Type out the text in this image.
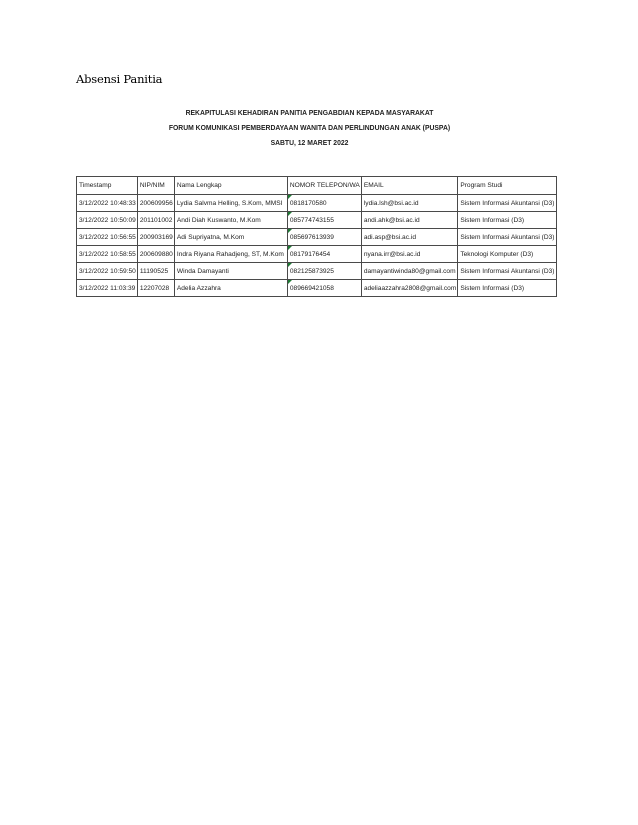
Absensi Panitia
REKAPITULASI KEHADIRAN PANITIA PENGABDIAN KEPADA MASYARAKAT
FORUM KOMUNIKASI PEMBERDAYAAN WANITA DAN PERLINDUNGAN ANAK (PUSPA)
SABTU, 12 MARET 2022
Timestamp	NIP/NIM	Nama Lengkap	NOMOR TELEPON/WA	EMAIL	Program Studi
3/12/2022 10:48:33	200609956	Lydia Salvma Helling, S.Kom, MMSI	0818170580	lydia.lsh@bsi.ac.id	Sistem Informasi Akuntansi (D3)
3/12/2022 10:50:09	201101002	Andi Diah Kuswanto, M.Kom	085774743155	andi.ahk@bsi.ac.id	Sistem Informasi (D3)
3/12/2022 10:56:55	200903169	Adi Supriyatna, M.Kom	085697613939	adi.asp@bsi.ac.id	Sistem Informasi Akuntansi (D3)
3/12/2022 10:58:55	200609880	Indra Riyana Rahadjeng, ST, M.Kom	08179176454	nyana.irr@bsi.ac.id	Teknologi Komputer (D3)
3/12/2022 10:59:50	11190525	Winda Damayanti	082125873925	damayantiwinda80@gmail.com	Sistem Informasi Akuntansi (D3)
3/12/2022 11:03:39	12207028	Adelia Azzahra	089669421058	adeliaazzahra2808@gmail.com	Sistem Informasi (D3)
